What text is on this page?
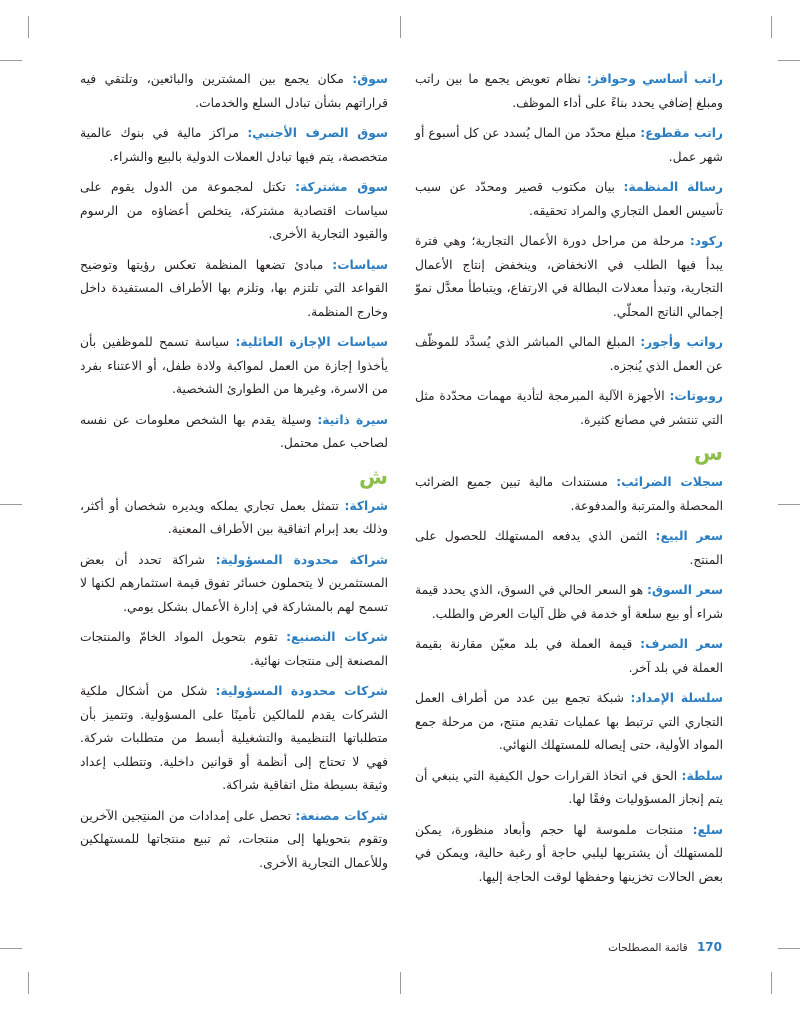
راتب أساسي وحوافز: نظام تعويض يجمع ما بين راتب ومبلغ إضافي يحدد بناءً على أداء الموظف.

راتب مقطوع: مبلغ محدّد من المال يُسدد عن كل أسبوع أو شهر عمل.

رسالة المنظمة: بيان مكتوب قصير ومحدّد عن سبب تأسيس العمل التجاري والمراد تحقيقه.

ركود: مرحلة من مراحل دورة الأعمال التجارية؛ وهي فترة يبدأ فيها الطلب في الانخفاض، وينخفض إنتاج الأعمال التجارية، وتبدأ معدلات البطالة في الارتفاع، ويتباطأ معدَّل نموّ إجمالي الناتج المحلّي.

رواتب وأجور: المبلغ المالي المباشر الذي يُسدَّد للموظّف عن العمل الذي يُنجزه.

روبوتات: الأجهزة الآلية المبرمجة لتأدية مهمات محدّدة مثل التي تنتشر في مصانع كثيرة.

س

سجلات الضرائب: مستندات مالية تبين جميع الضرائب المحصلة والمترتبة والمدفوعة.

سعر البيع: الثمن الذي يدفعه المستهلك للحصول على المنتج.

سعر السوق: هو السعر الحالي في السوق، الذي يحدد قيمة شراء أو بيع سلعة أو خدمة في ظل آليات العرض والطلب.

سعر الصرف: قيمة العملة في بلد معيّن مقارنة بقيمة العملة في بلد آخر.

سلسلة الإمداد: شبكة تجمع بين عدد من أطراف العمل التجاري التي ترتبط بها عمليات تقديم منتج، من مرحلة جمع المواد الأولية، حتى إيصاله للمستهلك النهائي.

سلطة: الحق في اتخاذ القرارات حول الكيفية التي ينبغي أن يتم إنجاز المسؤوليات وفقًا لها.

سلع: منتجات ملموسة لها حجم وأبعاد منظورة، يمكن للمستهلك أن يشتريها ليلبي حاجة أو رغبة حالية، ويمكن في بعض الحالات تخزينها وحفظها لوقت الحاجة إليها.

سوق: مكان يجمع بين المشترين والبائعين، وتلتقي فيه قراراتهم بشأن تبادل السلع والخدمات.

سوق الصرف الأجنبي: مراكز مالية في بنوك عالمية متخصصة، يتم فيها تبادل العملات الدولية بالبيع والشراء.

سوق مشتركة: تكتل لمجموعة من الدول يقوم على سياسات اقتصادية مشتركة، يتخلص أعضاؤه من الرسوم والقيود التجارية الأخرى.

سياسات: مبادئ تضعها المنظمة تعكس رؤيتها وتوضيح القواعد التي تلتزم بها، وتلزم بها الأطراف المستفيدة داخل وخارج المنظمة.

سياسات الإجازة العائلية: سياسة تسمح للموظفين بأن يأخذوا إجازة من العمل لمواكبة ولادة طفل، أو الاعتناء بفرد من الاسرة، وغيرها من الطوارئ الشخصية.

سيرة ذاتية: وسيلة يقدم بها الشخص معلومات عن نفسه لصاحب عمل محتمل.

ش

شراكة: تتمثل بعمل تجاري يملكه ويديره شخصان أو أكثر، وذلك بعد إبرام اتفاقية بين الأطراف المعنية.

شراكة محدودة المسؤولية: شراكة تحدد أن بعض المستثمرين لا يتحملون خسائر تفوق قيمة استثمارهم لكنها لا تسمح لهم بالمشاركة في إدارة الأعمال بشكل يومي.

شركات التصنيع: تقوم بتحويل المواد الخامّ والمنتجات المصنعة إلى منتجات نهائية.

شركات محدودة المسؤولية: شكل من أشكال ملكية الشركات يقدم للمالكين تأمينًا على المسؤولية. وتتميز بأن متطلباتها التنظيمية والتشغيلية أبسط من متطلبات شركة. فهي لا تحتاج إلى أنظمة أو قوانين داخلية. وتتطلب إعداد وثيقة بسيطة مثل اتفاقية شراكة.

شركات مصنعة: تحصل على إمدادات من المنتِجين الآخرين وتقوم بتحويلها إلى منتجات، ثم تبيع منتجاتها للمستهلكين وللأعمال التجارية الأخرى.

170 قائمة المصطلحات
